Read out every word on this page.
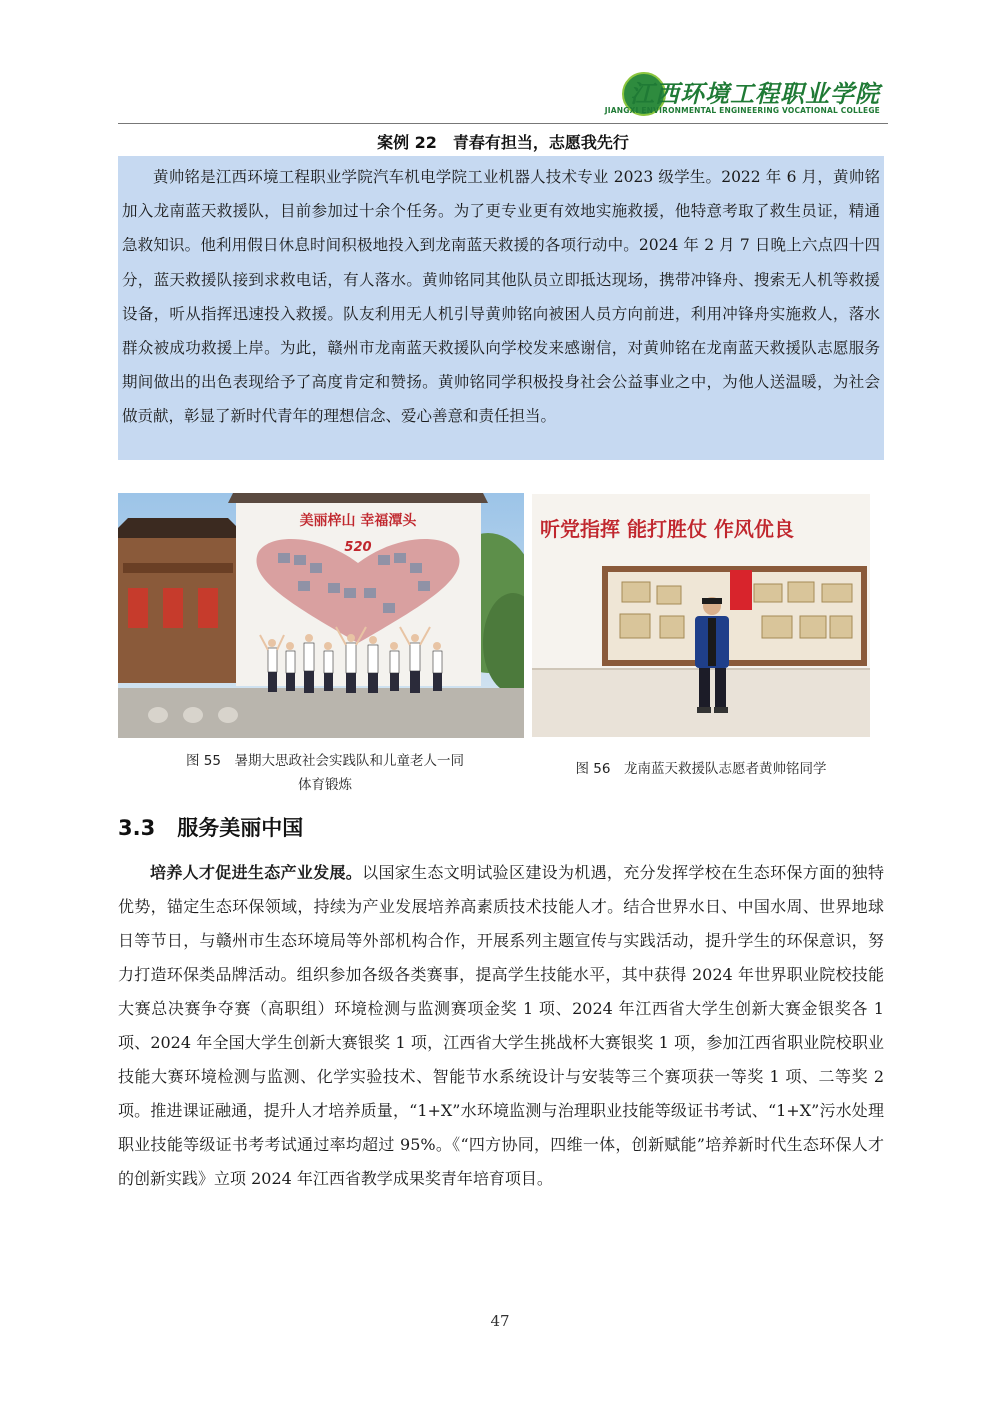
江西环境工程职业学院
JIANGXI ENVIRONMENTAL ENGINEERING VOCATIONAL COLLEGE
案例 22　青春有担当，志愿我先行

黄帅铭是江西环境工程职业学院汽车机电学院工业机器人技术专业 2023 级学生。2022 年 6 月，黄帅铭加入龙南蓝天救援队，目前参加过十余个任务。为了更专业更有效地实施救援，他特意考取了救生员证，精通急救知识。他利用假日休息时间积极地投入到龙南蓝天救援的各项行动中。2024 年 2 月 7 日晚上六点四十四分，蓝天救援队接到求救电话，有人落水。黄帅铭同其他队员立即抵达现场，携带冲锋舟、搜索无人机等救援设备，听从指挥迅速投入救援。队友利用无人机引导黄帅铭向被困人员方向前进，利用冲锋舟实施救人，落水群众被成功救援上岸。为此，赣州市龙南蓝天救援队向学校发来感谢信，对黄帅铭在龙南蓝天救援队志愿服务期间做出的出色表现给予了高度肯定和赞扬。黄帅铭同学积极投身社会公益事业之中，为他人送温暖，为社会做贡献，彰显了新时代青年的理想信念、爱心善意和责任担当。

美丽梓山 幸福潭头
520
听党指挥 能打胜仗 作风优良
图 55　暑期大思政社会实践队和儿童老人一同
体育锻炼
图 56　龙南蓝天救援队志愿者黄帅铭同学
3.3 服务美丽中国

培养人才促进生态产业发展。以国家生态文明试验区建设为机遇，充分发挥学校在生态环保方面的独特优势，锚定生态环保领域，持续为产业发展培养高素质技术技能人才。结合世界水日、中国水周、世界地球日等节日，与赣州市生态环境局等外部机构合作，开展系列主题宣传与实践活动，提升学生的环保意识，努力打造环保类品牌活动。组织参加各级各类赛事，提高学生技能水平，其中获得 2024 年世界职业院校技能大赛总决赛争夺赛（高职组）环境检测与监测赛项金奖 1 项、2024 年江西省大学生创新大赛金银奖各 1 项、2024 年全国大学生创新大赛银奖 1 项，江西省大学生挑战杯大赛银奖 1 项，参加江西省职业院校职业技能大赛环境检测与监测、化学实验技术、智能节水系统设计与安装等三个赛项获一等奖 1 项、二等奖 2 项。推进课证融通，提升人才培养质量，“1+X”水环境监测与治理职业技能等级证书考试、“1+X”污水处理职业技能等级证书考考试通过率均超过 95%。《“四方协同，四维一体，创新赋能”培养新时代生态环保人才的创新实践》立项 2024 年江西省教学成果奖青年培育项目。

47
